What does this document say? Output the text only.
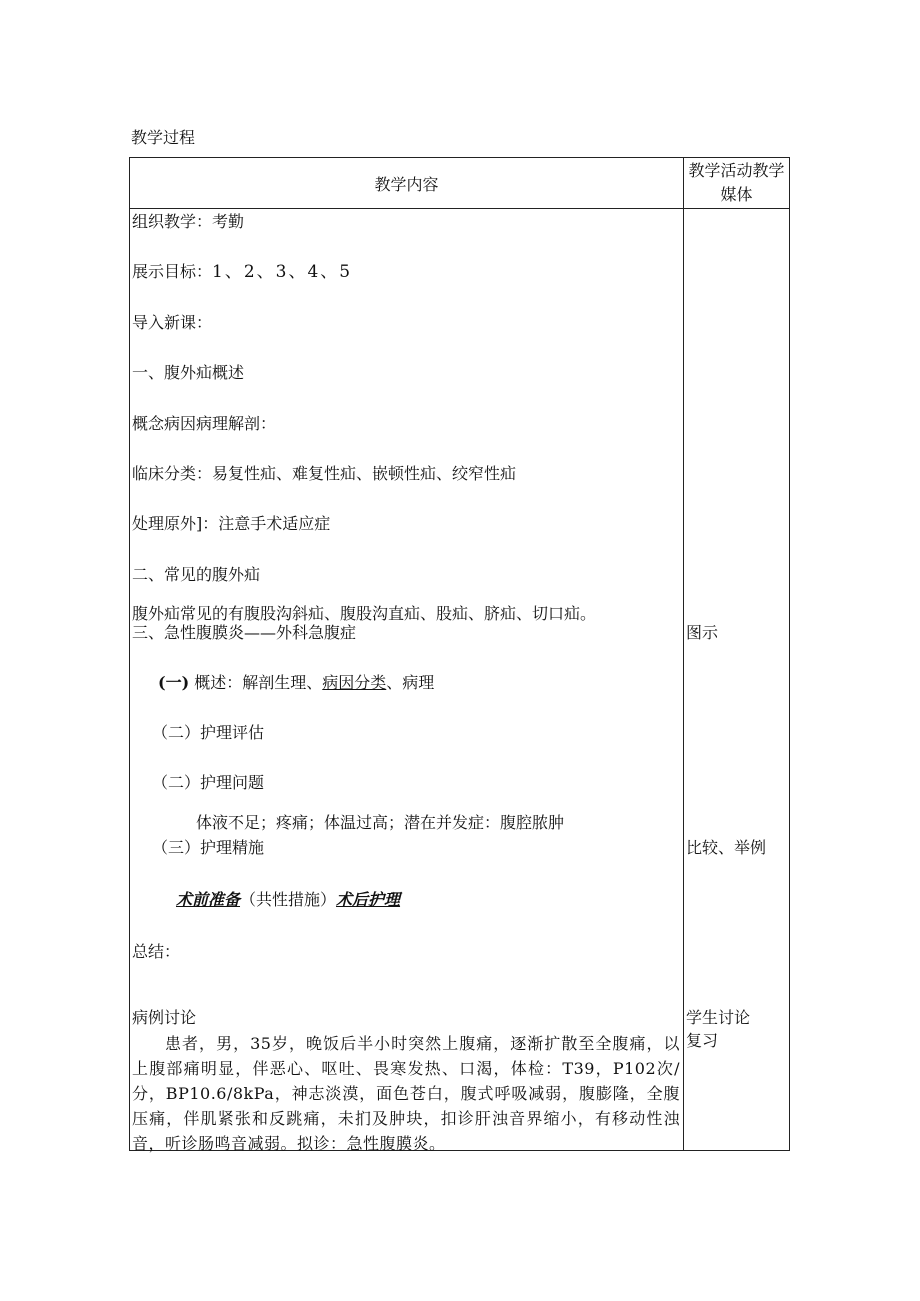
教学过程
教学内容
教学活动教学媒体
组织教学：考勤
展示目标：1、2、3、4、5
导入新课：
一、腹外疝概述
概念病因病理解剖：
临床分类：易复性疝、难复性疝、嵌顿性疝、绞窄性疝
处理原外]：注意手术适应症
二、常见的腹外疝
腹外疝常见的有腹股沟斜疝、腹股沟直疝、股疝、脐疝、切口疝。
三、急性腹膜炎——外科急腹症
(一) 概述：解剖生理、病因分类、病理
（二）护理评估
（二）护理问题
体液不足；疼痛；体温过高；潜在并发症：腹腔脓肿
（三）护理精施
术前准备（共性措施）术后护理
总结：
病例讨论
患者，男，35岁，晚饭后半小时突然上腹痛，逐渐扩散至全腹痛，以上腹部痛明显，伴恶心、呕吐、畏寒发热、口渴，体检：T39，P102次/分，BP10.6/8kPa，神志淡漠，面色苍白，腹式呼吸减弱，腹膨隆，全腹压痛，伴肌紧张和反跳痛，未扪及肿块，扣诊肝浊音界缩小，有移动性浊音，听诊肠鸣音减弱。拟诊：急性腹膜炎。
图示
比较、举例
学生讨论
复习
